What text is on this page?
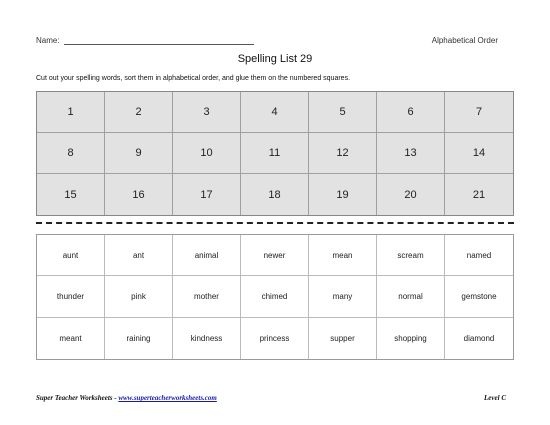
Name:	Alphabetical Order
Spelling List 29
Cut out your spelling words, sort them in alphabetical order, and glue them on the numbered squares.
1	2	3	4	5	6	7
8	9	10	11	12	13	14
15	16	17	18	19	20	21
aunt	ant	animal	newer	mean	scream	named
thunder	pink	mother	chimed	many	normal	gemstone
meant	raining	kindness	princess	supper	shopping	diamond
Super Teacher Worksheets - www.superteacherworksheets.com	Level C
